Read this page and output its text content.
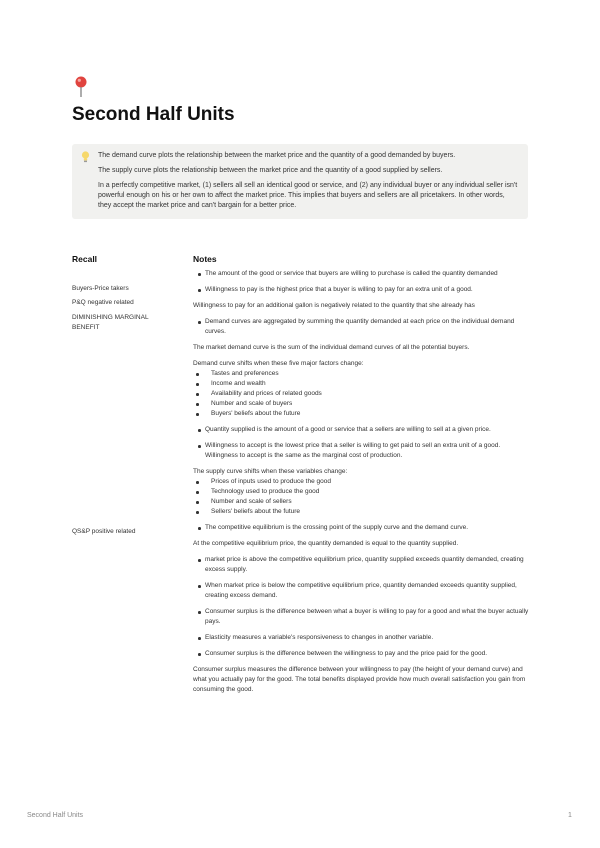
Second Half Units

The demand curve plots the relationship between the market price and the quantity of a good demanded by buyers.

The supply curve plots the relationship between the market price and the quantity of a good supplied by sellers.

In a perfectly competitive market, (1) sellers all sell an identical good or service, and (2) any individual buyer or any individual seller isn't powerful enough on his or her own to affect the market price. This implies that buyers and sellers are all pricetakers. In other words, they accept the market price and can't bargain for a better price.

Recall	Notes
Buyers-Price takers
P&Q negative related
DIMINISHING MARGINAL BENEFIT
QS&P positive related
The amount of the good or service that buyers are willing to purchase is called the quantity demanded
Willingness to pay is the highest price that a buyer is willing to pay for an extra unit of a good.
Willingness to pay for an additional gallon is negatively related to the quantity that she already has
Demand curves are aggregated by summing the quantity demanded at each price on the individual demand curves.
The market demand curve is the sum of the individual demand curves of all the potential buyers.
Demand curve shifts when these five major factors change:
Tastes and preferences
Income and wealth
Availability and prices of related goods
Number and scale of buyers
Buyers' beliefs about the future
Quantity supplied is the amount of a good or service that a sellers are willing to sell at a given price.
Willingness to accept is the lowest price that a seller is willing to get paid to sell an extra unit of a good.
Willingness to accept is the same as the marginal cost of production.
The supply curve shifts when these variables change:
Prices of inputs used to produce the good
Technology used to produce the good
Number and scale of sellers
Sellers' beliefs about the future
The competitive equilibrium is the crossing point of the supply curve and the demand curve.
At the competitive equilibrium price, the quantity demanded is equal to the quantity supplied.
market price is above the competitive equilibrium price, quantity supplied exceeds quantity demanded, creating excess supply.
When market price is below the competitive equilibrium price, quantity demanded exceeds quantity supplied, creating excess demand.
Consumer surplus is the difference between what a buyer is willing to pay for a good and what the buyer actually pays.
Elasticity measures a variable's responsiveness to changes in another variable.
Consumer surplus is the difference between the willingness to pay and the price paid for the good.
Consumer surplus measures the difference between your willingness to pay (the height of your demand curve) and what you actually pay for the good. The total benefits displayed provide how much overall satisfaction you gain from consuming the good.
Second Half Units	1
